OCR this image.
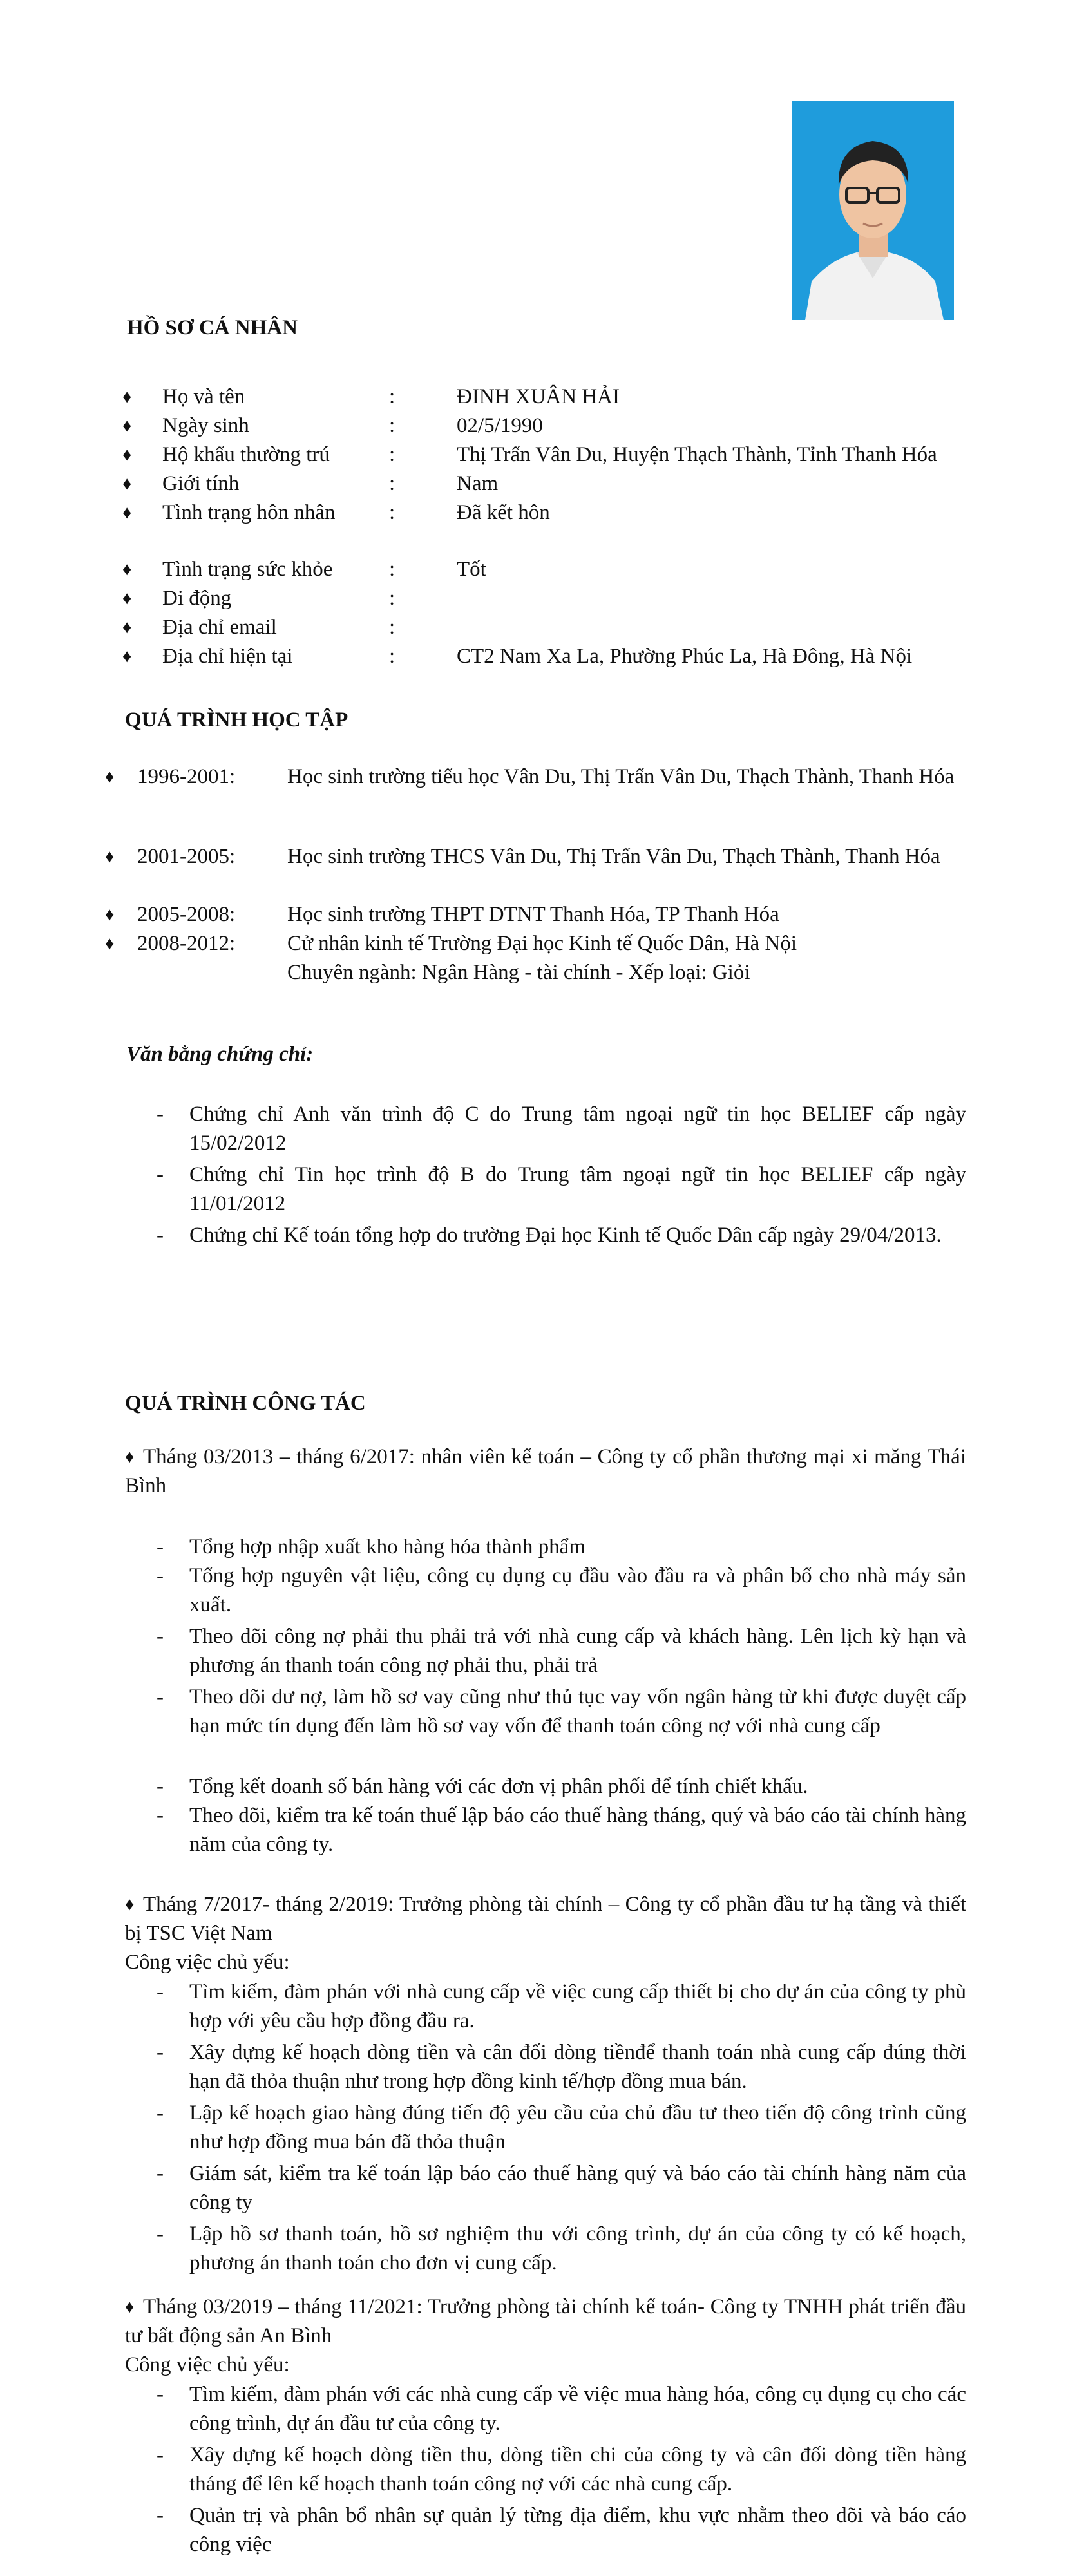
HỒ SƠ CÁ NHÂN
♦ Họ và tên	:	ĐINH XUÂN HẢI
♦ Ngày sinh	:	02/5/1990
♦ Hộ khẩu thường trú	:	Thị Trấn Vân Du, Huyện Thạch Thành, Tỉnh Thanh Hóa
♦ Giới tính	:	Nam
♦ Tình trạng hôn nhân	:	Đã kết hôn
♦ Tình trạng sức khỏe	:	Tốt
♦ Di động	:
♦ Địa chỉ email	:
♦ Địa chỉ hiện tại	:	CT2 Nam Xa La, Phường Phúc La, Hà Đông, Hà Nội
QUÁ TRÌNH HỌC TẬP
♦ 1996-2001: Học sinh trường tiểu học Vân Du, Thị Trấn Vân Du, Thạch Thành, Thanh Hóa
♦ 2001-2005: Học sinh trường THCS Vân Du, Thị Trấn Vân Du, Thạch Thành, Thanh Hóa
♦ 2005-2008: Học sinh trường THPT DTNT Thanh Hóa, TP Thanh Hóa
♦ 2008-2012: Cử nhân kinh tế Trường Đại học Kinh tế Quốc Dân, Hà Nội
Chuyên ngành: Ngân Hàng - tài chính - Xếp loại: Giỏi
Văn bằng chứng chỉ:
- Chứng chỉ Anh văn trình độ C do Trung tâm ngoại ngữ tin học BELIEF cấp ngày 15/02/2012
- Chứng chỉ Tin học trình độ B do Trung tâm ngoại ngữ tin học BELIEF cấp ngày 11/01/2012
- Chứng chỉ Kế toán tổng hợp do trường Đại học Kinh tế Quốc Dân cấp ngày 29/04/2013.
QUÁ TRÌNH CÔNG TÁC
♦ Tháng 03/2013 – tháng 6/2017: nhân viên kế toán – Công ty cổ phần thương mại xi măng Thái Bình
- Tổng hợp nhập xuất kho hàng hóa thành phẩm
- Tổng hợp nguyên vật liệu, công cụ dụng cụ đầu vào đầu ra và phân bổ cho nhà máy sản xuất.
- Theo dõi công nợ phải thu phải trả với nhà cung cấp và khách hàng. Lên lịch kỳ hạn và phương án thanh toán công nợ phải thu, phải trả
- Theo dõi dư nợ, làm hồ sơ vay cũng như thủ tục vay vốn ngân hàng từ khi được duyệt cấp hạn mức tín dụng đến làm hồ sơ vay vốn để thanh toán công nợ với nhà cung cấp
- Tổng kết doanh số bán hàng với các đơn vị phân phối để tính chiết khấu.
- Theo dõi, kiểm tra kế toán thuế lập báo cáo thuế hàng tháng, quý và báo cáo tài chính hàng năm của công ty.
♦ Tháng 7/2017- tháng 2/2019: Trưởng phòng tài chính – Công ty cổ phần đầu tư hạ tầng và thiết bị TSC Việt Nam
Công việc chủ yếu:
- Tìm kiếm, đàm phán với nhà cung cấp về việc cung cấp thiết bị cho dự án của công ty phù hợp với yêu cầu hợp đồng đầu ra.
- Xây dựng kế hoạch dòng tiền và cân đối dòng tiềnđể thanh toán nhà cung cấp đúng thời hạn đã thỏa thuận như trong hợp đồng kinh tế/hợp đồng mua bán.
- Lập kế hoạch giao hàng đúng tiến độ yêu cầu của chủ đầu tư theo tiến độ công trình cũng như hợp đồng mua bán đã thỏa thuận
- Giám sát, kiểm tra kế toán lập báo cáo thuế hàng quý và báo cáo tài chính hàng năm của công ty
- Lập hồ sơ thanh toán, hồ sơ nghiệm thu với công trình, dự án của công ty có kế hoạch, phương án thanh toán cho đơn vị cung cấp.
♦ Tháng 03/2019 – tháng 11/2021: Trưởng phòng tài chính kế toán- Công ty TNHH phát triển đầu tư bất động sản An Bình
Công việc chủ yếu:
- Tìm kiếm, đàm phán với các nhà cung cấp về việc mua hàng hóa, công cụ dụng cụ cho các công trình, dự án đầu tư của công ty.
- Xây dựng kế hoạch dòng tiền thu, dòng tiền chi của công ty và cân đối dòng tiền hàng tháng để lên kế hoạch thanh toán công nợ với các nhà cung cấp.
- Quản trị và phân bổ nhân sự quản lý từng địa điểm, khu vực nhằm theo dõi và báo cáo công việc
